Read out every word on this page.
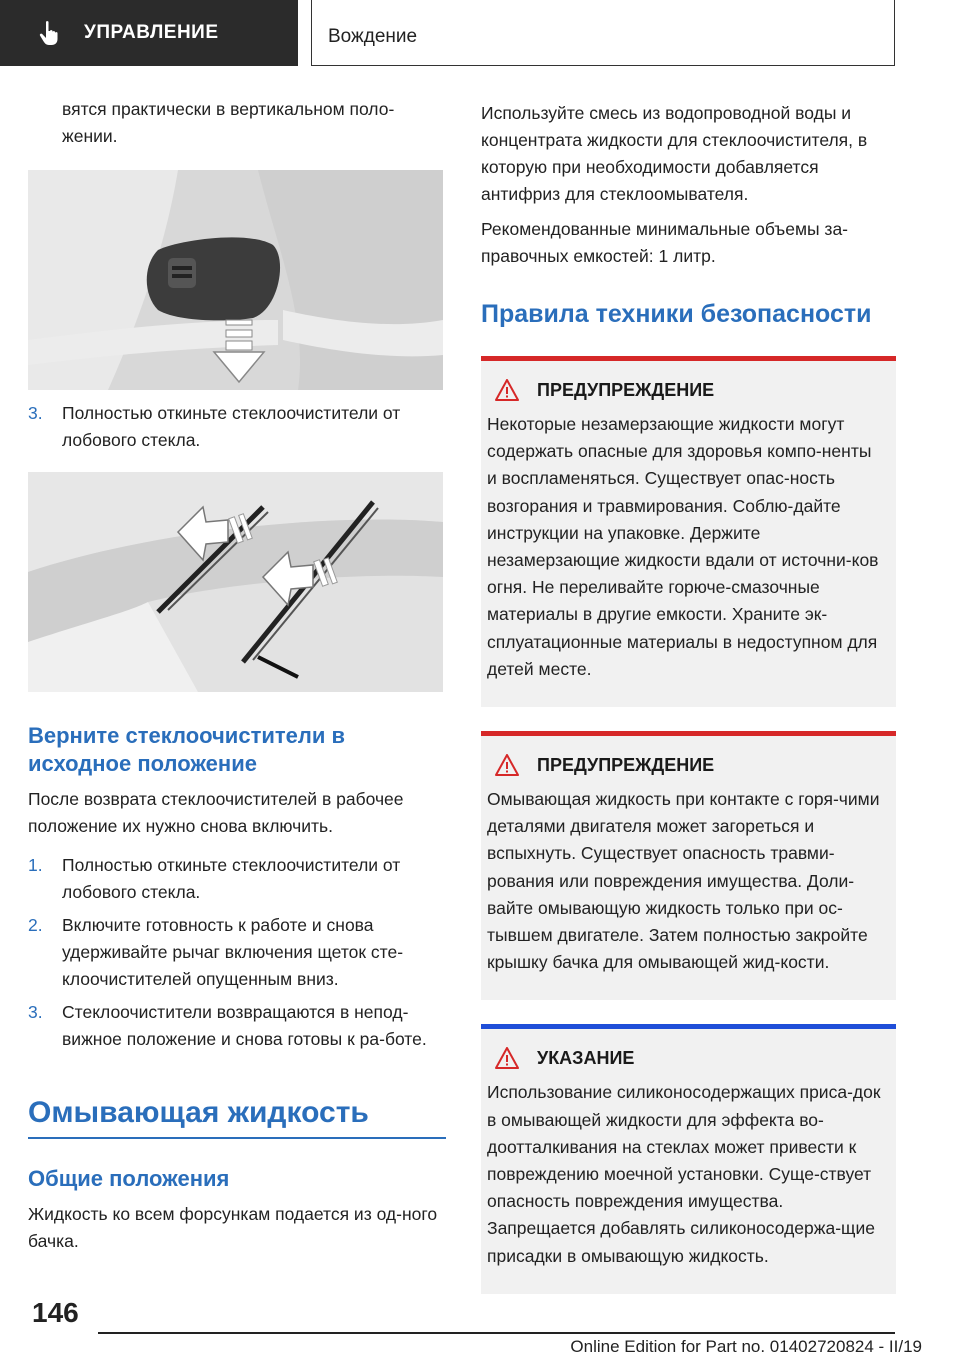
УПРАВЛЕНИЕ	Вождение

вятся практически в вертикальном поло-жении.

3.	Полностью откиньте стеклоочистители от лобового стекла.
Верните стеклоочистители в исходное положение

После возврата стеклоочистителей в рабочее положение их нужно снова включить.

1.	Полностью откиньте стеклоочистители от лобового стекла.
2.	Включите готовность к работе и снова удерживайте рычаг включения щеток сте-клоочистителей опущенным вниз.
3.	Стеклоочистители возвращаются в непод-вижное положение и снова готовы к ра-боте.
Омывающая жидкость
Общие положения

Жидкость ко всем форсункам подается из од-ного бачка.

Используйте смесь из водопроводной воды и концентрата жидкости для стеклоочистителя, в которую при необходимости добавляется антифриз для стеклоомывателя.

Рекомендованные минимальные объемы за-правочных емкостей: 1 литр.

Правила техники безопасности
ПРЕДУПРЕЖДЕНИЕ

Некоторые незамерзающие жидкости могут содержать опасные для здоровья компо-ненты и воспламеняться. Существует опас-ность возгорания и травмирования. Соблю-дайте инструкции на упаковке. Держите незамерзающие жидкости вдали от источни-ков огня. Не переливайте горюче-смазочные материалы в другие емкости. Храните эк-сплуатационные материалы в недоступном для детей месте.

ПРЕДУПРЕЖДЕНИЕ

Омывающая жидкость при контакте с горя-чими деталями двигателя может загореться и вспыхнуть. Существует опасность травми-рования или повреждения имущества. Доли-вайте омывающую жидкость только при ос-тывшем двигателе. Затем полностью закройте крышку бачка для омывающей жид-кости.

УКАЗАНИЕ

Использование силиконосодержащих приса-док в омывающей жидкости для эффекта во-доотталкивания на стеклах может привести к повреждению моечной установки. Суще-ствует опасность повреждения имущества. Запрещается добавлять силиконосодержа-щие присадки в омывающую жидкость.

146
Online Edition for Part no. 01402720824 - II/19
